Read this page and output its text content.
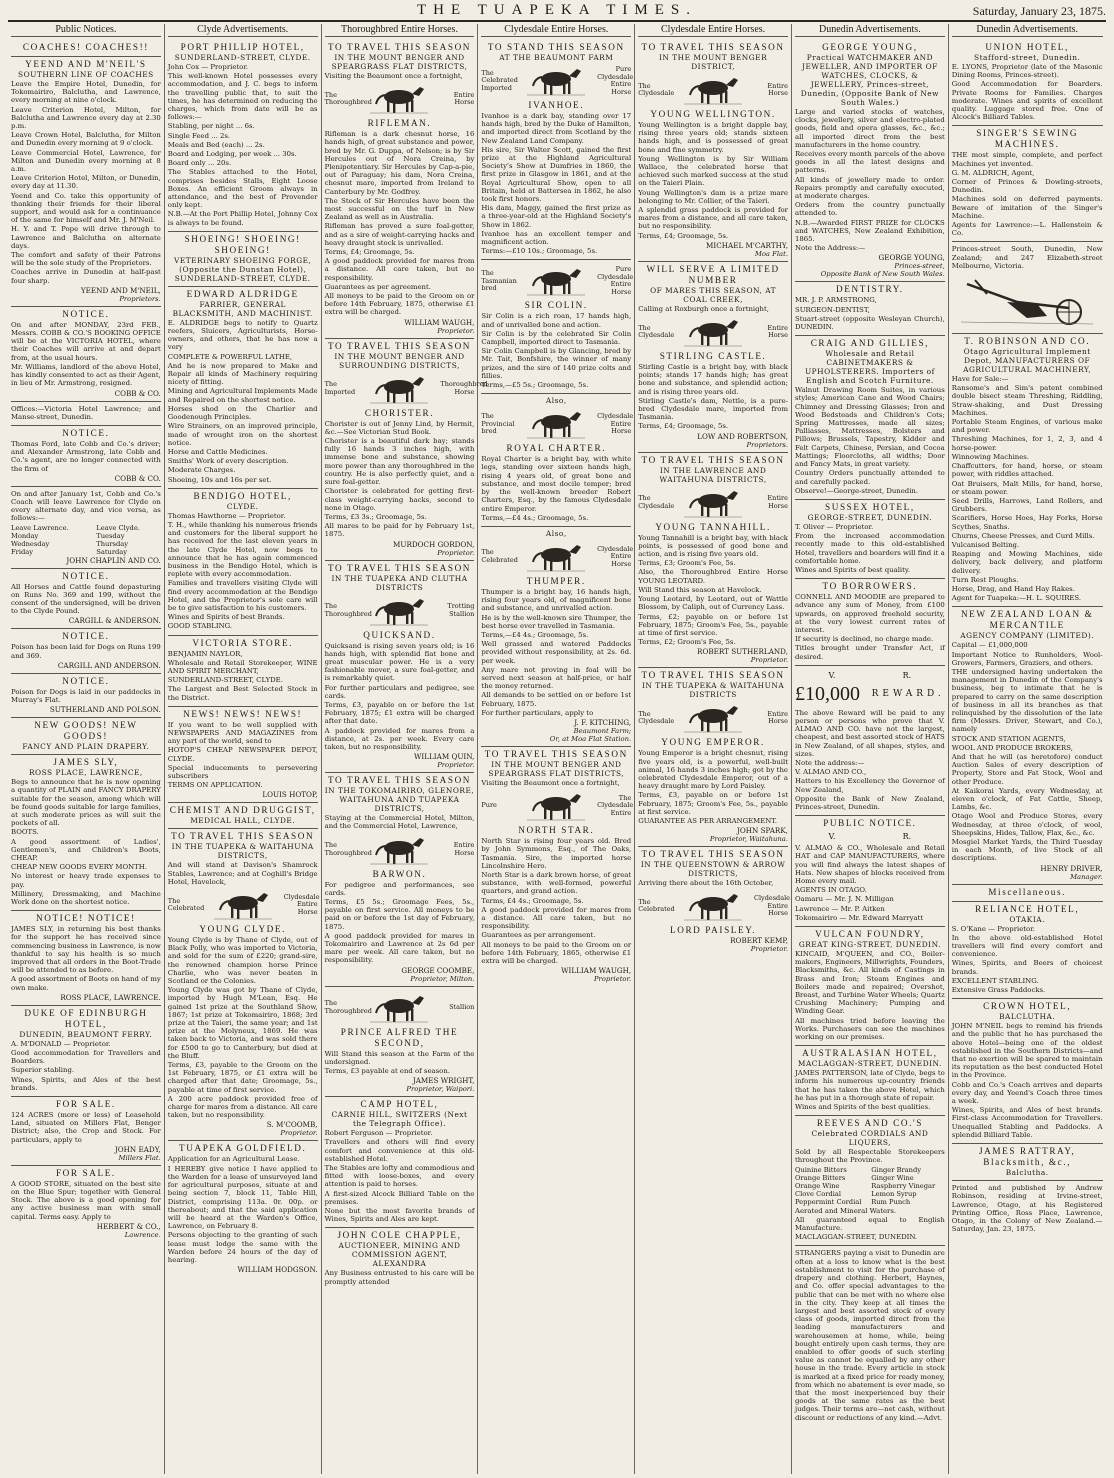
THE TUAPEKA TIMES.	Saturday, January 23, 1875.
Public Notices.
COACHES! COACHES!!
YEEND AND M'NEIL'S
SOUTHERN LINE OF COACHES

Leave the Empire Hotel, Dunedin, for Tokomairiro, Balclutha, and Lawrence, every morning at nine o'clock.

Leave Criterion Hotel, Milton, for Balclutha and Lawrence every day at 2.30 p.m.

Leave Crown Hotel, Balclutha, for Milton and Dunedin every morning at 9 o'clock.

Leave Commercial Hotel, Lawrence, for Milton and Dunedin every morning at 8 a.m.

Leave Criterion Hotel, Milton, or Dunedin, every day at 11.30.

Yeend and Co. take this opportunity of thanking their friends for their liberal support, and would ask for a continuance of the same for himself and Mr. J. M'Neil.

H. Y. and T. Pope will drive through to Lawrence and Balclutha on alternate days.

The comfort and safety of their Patrons will be the sole study of the Proprietors.

Coaches arrive in Dunedin at half-past four sharp.

YEEND AND M'NEIL,
Proprietors.
NOTICE.

On and after MONDAY, 23rd FEB., Messrs. COBB & CO.'S BOOKING OFFICE will be at the VICTORIA HOTEL, where their Coaches will arrive at and depart from, at the usual hours.

Mr. Williams, landlord of the above Hotel, has kindly consented to act as their Agent, in lieu of Mr. Armstrong, resigned.

COBB & CO.

Offices:—Victoria Hotel Lawrence; and Manse-street, Dunedin.

NOTICE.

Thomas Ford, late Cobb and Co.'s driver; and Alexander Armstrong, late Cobb and Co.'s agent, are no longer connected with the firm of

COBB & CO.

On and after January 1st, Cobb and Co.'s Coach will leave Lawrence for Clyde on every alternate day, and vice versa, as follows:—

Leave Lawrence.	Leave Clyde.
Monday	Tuesday
Wednesday	Thursday
Friday	Saturday
JOHN CHAPLIN AND CO.
NOTICE.

All Horses and Cattle found depasturing on Runs No. 369 and 199, without the consent of the undersigned, will be driven to the Clyde Pound.

CARGILL & ANDERSON.
NOTICE.

Poison has been laid for Dogs on Runs 199 and 369.

CARGILL AND ANDERSON.
NOTICE.

Poison for Dogs is laid in our paddocks in Murray's Flat.

SUTHERLAND AND POLSON.
NEW GOODS! NEW GOODS!
FANCY AND PLAIN DRAPERY.
JAMES SLY,
ROSS PLACE, LAWRENCE,

Begs to announce that he is now opening a quantity of PLAIN and FANCY DRAPERY suitable for the season, among which will be found goods suitable for large families, at such moderate prices as will suit the pockets of all.

BOOTS.

A good assortment of Ladies', Gentlemen's, and Children's Boots, CHEAP.

CHEAP NEW GOODS EVERY MONTH.

No interest or heavy trade expenses to pay.

Millinery, Dressmaking, and Machine Work done on the shortest notice.

NOTICE! NOTICE!

JAMES SLY, in returning his best thanks for the support he has received since commencing business in Lawrence, is now thankful to say his health is so much improved that all orders in the Boot-Trade will be attended to as before.

A good assortment of Boots on hand of my own make.

ROSS PLACE, LAWRENCE.
DUKE OF EDINBURGH HOTEL,
DUNEDIN, BEAUMONT FERRY.

A. M'DONALD — Proprietor.

Good accommodation for Travellers and Boarders.

Superior stabling.

Wines, Spirits, and Ales of the best brands.

FOR SALE.

124 ACRES (more or less) of Leasehold Land, situated on Millers Flat, Benger District; also, the Crop and Stock. For particulars, apply to

JOHN EADY,
Millers Flat.
FOR SALE.

A GOOD STORE, situated on the best site on the Blue Spur; together with General Stock. The above is a good opening for any active business man with small capital. Terms easy. Apply to

HERBERT & CO.,
Lawrence.
Clyde Advertisements.
PORT PHILLIP HOTEL,
SUNDERLAND-STREET, CLYDE.

John Cox — Proprietor.

This well-known Hotel possesses every accommodation, and J. C. begs to inform the travelling public that, to suit the times, he has determined on reducing the charges, which from date will be as follows:—

Stabling, per night ... 6s.

Single Feed ... 2s.

Meals and Bed (each) ... 2s.

Board and Lodging, per week ... 30s.

Board only ... 20s.

The Stables attached to the Hotel, comprises besides Stalls, Eight Loose Boxes. An efficient Groom always in attendance, and the best of Provender only kept.

N.B.—At the Port Phillip Hotel, Johnny Cox is always to be found.

SHOEING! SHOEING! SHOEING!
VETERINARY SHOEING FORGE, (Opposite the Dunstan Hotel), SUNDERLAND-STREET, CLYDE.
EDWARD ALDRIDGE
FARRIER, GENERAL BLACKSMITH, AND MACHINIST.

E. ALDRIDGE begs to notify to Quartz reefers, Sluicers, Agriculturists, Horse-owners, and others, that he has now a very

COMPLETE & POWERFUL LATHE,

And he is now prepared to Make and Repair all kinds of Machinery requiring nicety of fitting.

Mining and Agricultural Implements Made and Repaired on the shortest notice.

Horses shod on the Charlier and Goodenough Principles.

Wire Strainers, on an improved principle, made of wrought iron on the shortest notice.

Horse and Cattle Medicines.

Smiths' Work of every description.

Moderate Charges.

Shoeing, 10s and 16s per set.

BENDIGO HOTEL,
CLYDE.

Thomas Hawthorne — Proprietor.

T. H., while thanking his numerous friends and customers for the liberal support he has received for the last eleven years in the late Clyde Hotel, now begs to announce that he has again commenced business in the Bendigo Hotel, which is replete with every accommodation.

Families and travellers visiting Clyde will find every accommodation at the Bendigo Hotel, and the Proprietor's sole care will be to give satisfaction to his customers.

Wines and Spirits of best Brands.

GOOD STABLING.

VICTORIA STORE.

BENJAMIN NAYLOR,

Wholesale and Retail Storekeeper, WINE AND SPIRIT MERCHANT,

SUNDERLAND-STREET, CLYDE.

The Largest and Best Selected Stock in the District.

NEWS! NEWS! NEWS!

If you want to be well supplied with NEWSPAPERS AND MAGAZINES from any part of the world, send to

HOTOP'S CHEAP NEWSPAPER DEPOT, CLYDE.

Special inducements to persevering subscribers

TERMS ON APPLICATION.

LOUIS HOTOP,
CHEMIST AND DRUGGIST,
MEDICAL HALL, CLYDE.
TO TRAVEL THIS SEASON
IN THE TUAPEKA & WAITAHUNA DISTRICTS,

And will stand at Davison's Shamrock Stables, Lawrence; and at Coghill's Bridge Hotel, Havelock,

The Celebrated
Clydesdale Entire Horse
YOUNG CLYDE.

Young Clyde is by Thane of Clyde, out of Black Polly, who was imported to Victoria, and sold for the sum of £220; grand-sire, the renowned champion horse Prince Charlie, who was never beaten in Scotland or the Colonies.

Young Clyde was got by Thane of Clyde, imported by Hugh M'Lean, Esq. He gained 1st prize at the Southland Show, 1867; 1st prize at Tokomairiro, 1868; 3rd prize at the Taieri, the same year; and 1st prize at the Molyneux, 1869. He was taken back to Victoria, and was sold there for £500 to go to Canterbury, but died at the Bluff.

Terms, £3, payable to the Groom on the 1st February, 1875, or £1 extra will be charged after that date; Groomage, 5s., payable at time of first service.

A 200 acre paddock provided free of charge for mares from a distance. All care taken, but no responsibility.

S. M'COOMB,
Proprietor.
TUAPEKA GOLDFIELD.

Application for an Agricultural Lease.

I HEREBY give notice I have applied to the Warden for a lease of unsurveyed land for agricultural purposes, situate at and being section 7, block 11, Table Hill, District, comprising 113a. 0r. 00p. or thereabout; and that the said application will be heard at the Warden's Office, Lawrence, on February 8.

Persons objecting to the granting of such lease must lodge the same with the Warden before 24 hours of the day of hearing.

WILLIAM HODGSON.
Thoroughbred Entire Horses.
TO TRAVEL THIS SEASON
IN THE MOUNT BENGER AND SPEARGRASS FLAT DISTRICTS,

Visiting the Beaumont once a fortnight,

The Thoroughbred
Entire Horse
RIFLEMAN.

Rifleman is a dark chesnut horse, 16 hands high, of great substance and power, bred by Mr. G. Duppa, of Nelson; is by Sir Hercules out of Nora Creina, by Plenipotentiary. Sir Hercules by Cap-a-pie, out of Paraguay; his dam, Nora Creina, chesnut mare, imported from Ireland to Canterbury by Mr. Godfrey.

The Stock of Sir Hercules have been the most successful on the turf in New Zealand as well as in Australia.

Rifleman has proved a sure foal-getter, and as a sire of weight-carrying hacks and heavy draught stock is unrivalled.

Terms, £4; Groomage, 5s.

A good paddock provided for mares from a distance. All care taken, but no responsibility.

Guarantees as per agreement.

All moneys to be paid to the Groom on or before 14th February, 1875, otherwise £1 extra will be charged.

WILLIAM WAUGH,
Proprietor.
TO TRAVEL THIS SEASON
IN THE MOUNT BENGER AND SURROUNDING DISTRICTS,
The Imported
Thoroughbred Horse
CHORISTER.

Chorister is out of Jenny Lind, by Hermit, &c.—See Victorian Stud Book.

Chorister is a beautiful dark bay; stands fully 16 hands 3 inches high, with immense bone and substance, showing more power than any thoroughbred in the country. He is also perfectly quiet, and a sure foal-getter.

Chorister is celebrated for getting first-class weight-carrying hacks, second to none in Otago.

Terms, £3 3s.; Groomage, 5s.

All mares to be paid for by February 1st, 1875.

MURDOCH GORDON,
Proprietor.
TO TRAVEL THIS SEASON
IN THE TUAPEKA AND CLUTHA DISTRICTS
The Thoroughbred
Trotting Stallion
QUICKSAND.

Quicksand is rising seven years old; is 16 hands high, with splendid flat bone and great muscular power. He is a very fashionable mover, a sure foal-getter, and is remarkably quiet.

For further particulars and pedigree, see cards.

Terms, £3, payable on or before the 1st February, 1875; £1 extra will be charged after that date.

A paddock provided for mares from a distance, at 2s. per week. Every care taken, but no responsibility.

WILLIAM QUIN,
Proprietor.
TO TRAVEL THIS SEASON
IN THE TOKOMAIRIRO, GLENORE, WAITAHUNA AND TUAPEKA DISTRICTS,

Staying at the Commercial Hotel, Milton, and the Commercial Hotel, Lawrence,

The Thoroughbred
Entire Horse
BARWON.

For pedigree and performances, see cards.

Terms, £5 5s.; Groomage Fees, 5s., payable on first service. All moneys to be paid on or before the 1st day of February, 1875.

A good paddock provided for mares in Tokomairiro and Lawrence at 2s 6d per mare per week. All care taken, but no responsibility.

GEORGE COOMBE,
Proprietor, Milton.
The Thoroughbred	Stallion
PRINCE ALFRED THE SECOND,

Will Stand this season at the Farm of the undersigned.

Terms, £3 payable at end of season.

JAMES WRIGHT,
Proprietor, Waipori.
CAMP HOTEL,
CARNIE HILL, SWITZERS (Next the Telegraph Office).

Robert Ferguson — Proprietor.

Travellers and others will find every comfort and convenience at this old-established Hotel.

The Stables are lofty and commodious and fitted with loose-boxes, and every attention is paid to horses.

A first-sized Alcock Billiard Table on the premises.

None but the most favorite brands of Wines, Spirits and Ales are kept.

JOHN COLE CHAPPLE,
AUCTIONEER, MINING AND COMMISSION AGENT, ALEXANDRA

Any Business entrusted to his care will be promptly attended

Clydesdale Entire Horses.
TO STAND THIS SEASON
AT THE BEAUMONT FARM
The Celebrated Imported
Pure Clydesdale Entire Horse
IVANHOE.

Ivanhoe is a dark bay, standing over 17 hands high, bred by the Duke of Hamilton, and imported direct from Scotland by the New Zealand Land Company.

His sire, Sir Walter Scott, gained the first prize at the Highland Agricultural Society's Show at Dumfries in 1860, the first prize in Glasgow in 1861, and at the Royal Agricultural Show, open to all Britain, held at Battersea in 1862, he also took first honors.

His dam, Maggy, gained the first prize as a three-year-old at the Highland Society's Show in 1862.

Ivanhoe has an excellent temper and magnificent action.

Terms:—£10 10s.; Groomage, 5s.

The Tasmanian bred
Pure Clydesdale Entire Horse
SIR COLIN.

Sir Colin is a rich roan, 17 hands high, and of unrivalled bone and action.

Sir Colin is by the celebrated Sir Colin Campbell, imported direct to Tasmania.

Sir Colin Campbell is by Glancing, bred by Mr. Tait, Bonfshire, the winner of many prizes, and the sire of 140 prize colts and fillies.

Terms,—£5 5s.; Groomage, 5s.

Also,
The Provincial bred
Clydesdale Entire Horse
ROYAL CHARTER.

Royal Charter is a bright bay, with white legs, standing over sixteen hands high, rising 4 years old, of great bone and substance, and most docile temper; bred by the well-known breeder Robert Charters, Esq., by the famous Clydesdale entire Emperor.

Terms,—£4 4s.; Groomage, 5s.

Also,
The Celebrated
Clydesdale Entire Horse
THUMPER.

Thumper is a bright bay, 16 hands high, rising four years old, of magnificent bone and substance, and unrivalled action.

He is by the well-known sire Thumper, the best horse ever travelled in Tasmania.

Terms,—£4 4s.; Groomage, 5s.

Well grassed and watered Paddocks provided without responsibility, at 2s. 6d. per week.

Any mare not proving in foal will be served next season at half-price, or half the money returned.

All demands to be settled on or before 1st February, 1875.

For further particulars, apply to

J. F. KITCHING,
Beaumont Farm;
Or, at Moa Flat Station.
TO TRAVEL THIS SEASON
IN THE MOUNT BENGER AND SPEARGRASS FLAT DISTRICTS,

Visiting the Beaumont once a fortnight,

Pure
The Clydesdale Entire
NORTH STAR.

North Star is rising four years old. Bred by John Symmons, Esq., of The Oaks, Tasmania. Sire, the imported horse Lincolnshire Hero.

North Star is a dark brown horse, of great substance, with well-formed, powerful quarters, and grand action.

Terms, £4 4s.; Groomage, 5s.

A good paddock provided for mares from a distance. All care taken, but no responsibility.

Guarantees as per arrangement.

All moneys to be paid to the Groom on or before 14th February, 1865, otherwise £1 extra will be charged.

WILLIAM WAUGH,
Proprietor.
Clydesdale Entire Horses.
TO TRAVEL THIS SEASON
IN THE MOUNT BENGER DISTRICT,
The Clydesdale
Entire Horse
YOUNG WELLINGTON.

Young Wellington is a bright dapple bay, rising three years old; stands sixteen hands high, and is possessed of great bone and fine symmetry.

Young Wellington is by Sir William Wallace, the celebrated horse that achieved such marked success at the stud on the Taieri Plain.

Young Wellington's dam is a prize mare belonging to Mr. Collier, of the Taieri.

A splendid grass paddock is provided for mares from a distance, and all care taken, but no responsibility.

Terms, £4; Groomage, 5s.

MICHAEL M'CARTHY,
Moa Flat.
WILL SERVE A LIMITED NUMBER
OF MARES THIS SEASON, AT COAL CREEK,

Calling at Roxburgh once a fortnight,

The Clydesdale
Entire Horse
STIRLING CASTLE.

Stirling Castle is a bright bay, with black points; stands 17 hands high; has great bone and substance, and splendid action; and is rising three years old.

Stirling Castle's dam, Nettle, is a pure-bred Clydesdale mare, imported from Tasmania.

Terms, £4; Groomage, 5s.

LOW AND ROBERTSON,
Proprietors.
TO TRAVEL THIS SEASON
IN THE LAWRENCE AND WAITAHUNA DISTRICTS,
The Clydesdale
Entire Horse
YOUNG TANNAHILL.

Young Tannahill is a bright bay, with black points, is possessed of good bone and action, and is rising five years old.

Terms, £3; Groom's Fee, 5s.

Also, the Thoroughbred Entire Horse YOUNG LEOTARD.

Will Stand this season at Havelock.

Young Leotard, by Leotard, out of Wattle Blossom, by Caliph, out of Currency Lass.

Terms, £2; payable on or before 1st February, 1875; Groom's Fee, 5s., payable at time of first service.

Terms, £2; Groom's Fee, 5s.

ROBERT SUTHERLAND,
Proprietor.
TO TRAVEL THIS SEASON
IN THE TUAPEKA & WAITAHUNA DISTRICTS
The Clydesdale
Entire Horse
YOUNG EMPEROR.

Young Emperor is a bright chesnut, rising five years old, is a powerful, well-built animal, 16 hands 3 inches high; got by the celebrated Clydesdale Emperor, out of a heavy draught mare by Lord Paisley.

Terms, £3, payable on or before 1st February, 1875; Groom's Fee, 5s., payable at first service.

GUARANTEE AS PER ARRANGEMENT.

JOHN SPARK,
Proprietor, Waitahuna.
TO TRAVEL THIS SEASON
IN THE QUEENSTOWN & ARROW DISTRICTS,

Arriving there about the 16th October,

The Celebrated
Clydesdale Entire Horse
LORD PAISLEY.
ROBERT KEMP,
Proprietor.
Dunedin Advertisements.
GEORGE YOUNG,
Practical WATCHMAKER AND JEWELLER, AND IMPORTER OF WATCHES, CLOCKS, & JEWELLERY, Princes-street, Dunedin, (Opposite Bank of New South Wales.)

Large and varied stocks of watches, clocks, jewellery, silver and electro-plated goods, field and opera glasses, &c., &c.; all imported direct from the best manufacturers in the home country.

Receives every month parcels of the above goods in all the latest designs and patterns.

All kinds of jewellery made to order. Repairs promptly and carefully executed, at moderate charges.

Orders from the country punctually attended to.

N.B.—Awarded FIRST PRIZE for CLOCKS and WATCHES, New Zealand Exhibition, 1865.

Note the Address:—

GEORGE YOUNG,
Princes-street,
Opposite Bank of New South Wales.
DENTISTRY.

MR. J. P. ARMSTRONG,

SURGEON-DENTIST,

Stuart-street (opposite Wesleyan Church), DUNEDIN.

CRAIG AND GILLIES,
Wholesale and Retail CABINETMAKERS & UPHOLSTERERS. Importers of English and Scotch Furniture.

Walnut Drawing Room Suites, in various styles; American Cane and Wood Chairs; Chimney and Dressing Glasses; Iron and Wood Bedsteads and Children's Cots; Spring Mattresses, made all sizes; Palliasses, Mattresses, Bolsters and Pillows; Brussels, Tapestry, Kidder and Felt Carpets, Chinese, Persian, and Cocoa Mattings; Floorcloths, all widths; Door and Fancy Mats, in great variety.

Country Orders punctually attended to and carefully packed.

Observe!—George-street, Dunedin.

SUSSEX HOTEL,
GEORGE-STREET, DUNEDIN.

T. Oliver — Proprietor.

From the increased accommodation recently made to this old-established Hotel, travellers and boarders will find it a comfortable home.

Wines and Spirits of best quality.

TO BORROWERS.

CONNELL AND MOODIE are prepared to advance any sum of Money, from £100 upwards, on approved freehold security, at the very lowest current rates of interest.

If security is declined, no charge made.

Titles brought under Transfer Act, if desired.

V.	R.
£10,000 REWARD.

The above Reward will be paid to any person or persons who prove that V. ALMAO AND CO. have not the largest, cheapest, and best assorted stock of HATS in New Zealand, of all shapes, styles, and sizes.

Note the address:—

V. ALMAO AND CO.,

Hatters to his Excellency the Governor of New Zealand,

Opposite the Bank of New Zealand, Princes-street, Dunedin.

PUBLIC NOTICE.
V.	R.

V. ALMAO & CO., Wholesale and Retail HAT and CAP MANUFACTURERS, where you will find always the latest shapes of Hats. New shapes of blocks received from Home every mail.

AGENTS IN OTAGO.

Oamaru — Mr. J. N. Milligan

Lawrence — Mr. P. Aitken

Tokomairiro — Mr. Edward Marryatt

VULCAN FOUNDRY,
GREAT KING-STREET, DUNEDIN.

KINCAID, M'QUEEN, and CO., Boiler-makers, Engineers, Millwrights, Founders, Blacksmiths, &c. All kinds of Castings in Brass and Iron; Steam Engines and Boilers made and repaired; Overshot, Breast, and Turbine Water Wheels; Quartz Crushing Machinery; Pumping and Winding Gear.

All machines tried before leaving the Works. Purchasers can see the machines working on our premises.

AUSTRALASIAN HOTEL,
MACLAGGAN-STREET, DUNEDIN.

JAMES PATTERSON, late of Clyde, begs to inform his numerous up-country friends that he has taken the above Hotel, which he has put in a thorough state of repair.

Wines and Spirits of the best qualities.

REEVES AND CO.'S
Celebrated CORDIALS AND LIQUERS,

Sold by all Respectable Storekeepers throughout the Province.

Quinine Bitters	Ginger Brandy
Orange Bitters	Ginger Wine
Orange Wine	Raspberry Vinegar
Clove Cordial	Lemon Syrup
Peppermint Cordial	Rum Punch

Aerated and Mineral Waters.

All guaranteed equal to English Manufacture.

MACLAGGAN-STREET, DUNEDIN.

STRANGERS paying a visit to Dunedin are often at a loss to know what is the best establishment to visit for the purchase of drapery and clothing. Herbert, Haynes, and Co. offer special advantages to the public that can be met with no where else in the city. They keep at all times the largest and best assorted stock of every class of goods, imported direct from the leading manufacturers and warehousemen at home, while, being bought entirely upon cash terms, they are enabled to offer goods of such sterling value as cannot be equalled by any other house in the trade. Every article in stock is marked at a fixed price for ready money, from which no abatement is ever made, so that the most inexperienced buy their goods at the same rates as the best judges. Their terms are—net cash, without discount or reductions of any kind.—Advt.

Dunedin Advertisements.
UNION HOTEL,
Stafford-street, Dunedin.

E. LYONS, Proprietor (late of the Masonic Dining Rooms, Princes-street).

Good Accommodation for Boarders. Private Rooms for Families. Charges moderate. Wines and spirits of excellent quality. Luggage stored free. One of Alcock's Billiard Tables.

SINGER'S SEWING MACHINES.

THE most simple, complete, and perfect Machines yet invented.

G. M. ALDRICH, Agent,

Corner of Princes & Dowling-streets, Dunedin.

Machines sold on deferred payments. Beware of imitation of the Singer's Machine.

Agents for Lawrence:—L. Hallenstein & Co.

Princes-street South, Dunedin, New Zealand; and 247 Elizabeth-street Melbourne, Victoria.

T. ROBINSON AND CO.
Otago Agricultural Implement Depot, MANUFACTURERS OF AGRICULTURAL MACHINERY,

Have for Sale:—

Ransome's and Sim's patent combined double bisect steam Threshing, Riddling, Straw-shaking, and Dust Dressing Machines.

Portable Steam Engines, of various make and power.

Threshing Machines, for 1, 2, 3, and 4 horse-power.

Winnowing Machines.

Chaffcutters, for hand, horse, or steam power, with riddles attached.

Oat Bruisers, Malt Mills, for hand, horse, or steam power.

Seed Drills, Harrows, Land Rollers, and Grubbers.

Scarifiers, Horse Hoes, Hay Forks, Horse Scythes, Snaths.

Churns, Cheese Presses, and Curd Mills.

Vulcanised Belting.

Reaping and Mowing Machines, side delivery, back delivery, and platform delivery.

Turn Rest Ploughs.

Horse, Drag, and Hand Hay Rakes.

Agent for Tuapeka:—H. L. SQUIRES.

NEW ZEALAND LOAN & MERCANTILE
AGENCY COMPANY (LIMITED).

Capital — £1,000,000

Important Notice to Runholders, Wool-Growers, Farmers, Graziers, and others.

THE undersigned having undertaken the management in Dunedin of the Company's business, beg to intimate that he is prepared to carry on the same description of business in all its branches as that relinquished by the dissolution of the late firm (Messrs. Driver, Stewart, and Co.), namely

STOCK AND STATION AGENTS,

WOOL AND PRODUCE BROKERS,

And that he will (as heretofore) conduct Auction Sales of every description of Property, Store and Fat Stock, Wool and other Produce.

At Kaikorai Yards, every Wednesday, at eleven o'clock, of Fat Cattle, Sheep, Lambs, &c.

Otago Wool and Produce Stores, every Wednesday, at three o'clock, of wool, Sheepskins, Hides, Tallow, Flax, &c., &c.

Mosgiel Market Yards, the Third Tuesday in each Month, of live Stock of all descriptions.

HENRY DRIVER,
Manager.
Miscellaneous.
RELIANCE HOTEL,
OTAKIA.

S. O'Kane — Proprietor.

In the above old-established Hotel travellers will find every comfort and convenience.

Wines, Spirits, and Beers of choicest brands.

EXCELLENT STABLING.

Extensive Grass Paddocks.

CROWN HOTEL,
BALCLUTHA.

JOHN M'NEIL begs to remind his friends and the public that he has purchased the above Hotel—being one of the oldest established in the Southern Districts—and that no exertion will be spared to maintain its reputation as the best conducted Hotel in the Province.

Cobb and Co.'s Coach arrives and departs every day, and Yeend's Coach three times a week.

Wines, Spirits, and Ales of best brands. First-class Accommodation for Travellers. Unequalled Stabling and Paddocks. A splendid Billiard Table.

JAMES RATTRAY, Blacksmith, &c.,
Balclutha.

Printed and published by Andrew Robinson, residing at Irvine-street, Lawrence, Otago, at his Registered Printing Office, Ross Place, Lawrence, Otago, in the Colony of New Zealand.—Saturday, Jan. 23, 1875.
